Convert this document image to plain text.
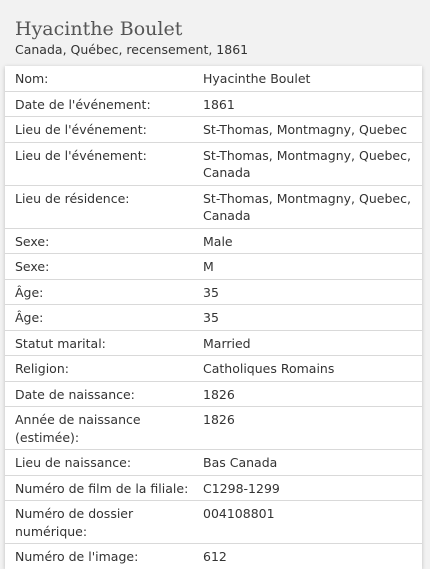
Hyacinthe Boulet
Canada, Québec, recensement, 1861
Nom:	Hyacinthe Boulet
Date de l'événement:	1861
Lieu de l'événement:	St-Thomas, Montmagny, Quebec
Lieu de l'événement:	St-Thomas, Montmagny, Quebec, Canada
Lieu de résidence:	St-Thomas, Montmagny, Quebec, Canada
Sexe:	Male
Sexe:	M
Âge:	35
Âge:	35
Statut marital:	Married
Religion:	Catholiques Romains
Date de naissance:	1826
Année de naissance (estimée):
1826
Lieu de naissance:	Bas Canada
Numéro de film de la filiale:	C1298-1299
Numéro de dossier numérique:
004108801
Numéro de l'image:	612
